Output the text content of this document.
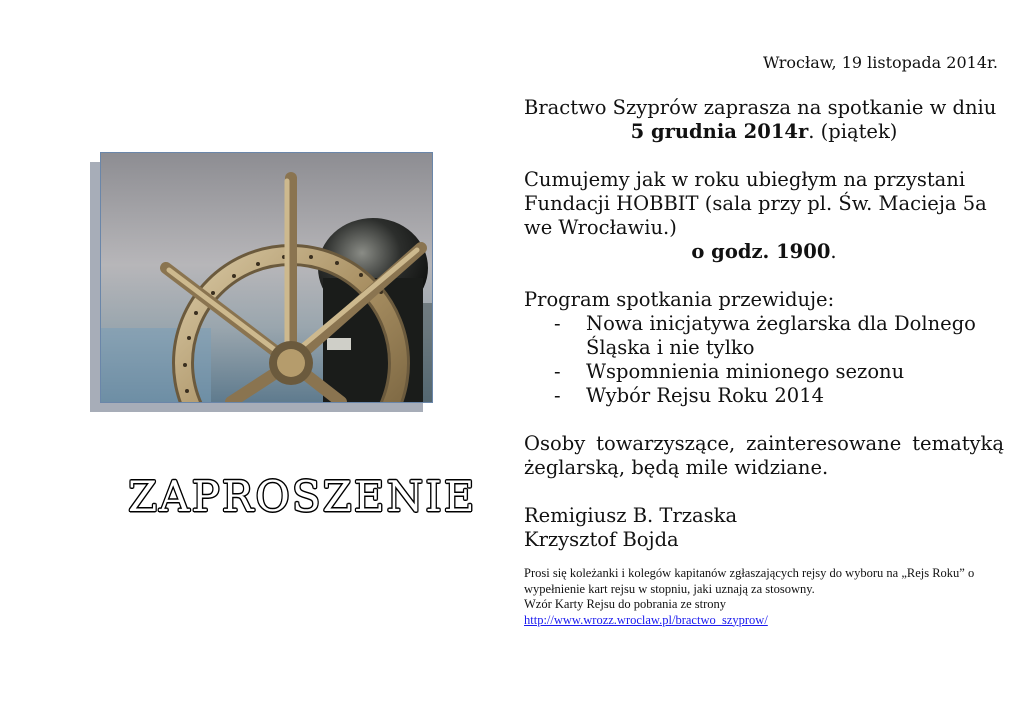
ZAPROSZENIE
Wrocław, 19 listopada 2014r.

Bractwo Szyprów zaprasza na spotkanie w dniu

5 grudnia 2014r. (piątek)

Cumujemy jak w roku ubiegłym na przystani Fundacji HOBBIT (sala przy pl. Św. Macieja 5a we Wrocławiu.)

o godz. 1900.

Program spotkania przewiduje:

-	Nowa inicjatywa żeglarska dla Dolnego Śląska i nie tylko
-	Wspomnienia minionego sezonu
-	Wybór Rejsu Roku 2014

Osoby towarzyszące, zainteresowane tematyką żeglarską, będą mile widziane.

Remigiusz B. Trzaska

Krzysztof Bojda

Prosi się koleżanki i kolegów kapitanów zgłaszających rejsy do wyboru na „Rejs Roku” o wypełnienie kart rejsu w stopniu, jaki uznają za stosowny.
Wzór Karty Rejsu do pobrania ze strony
http://www.wrozz.wroclaw.pl/bractwo_szyprow/
